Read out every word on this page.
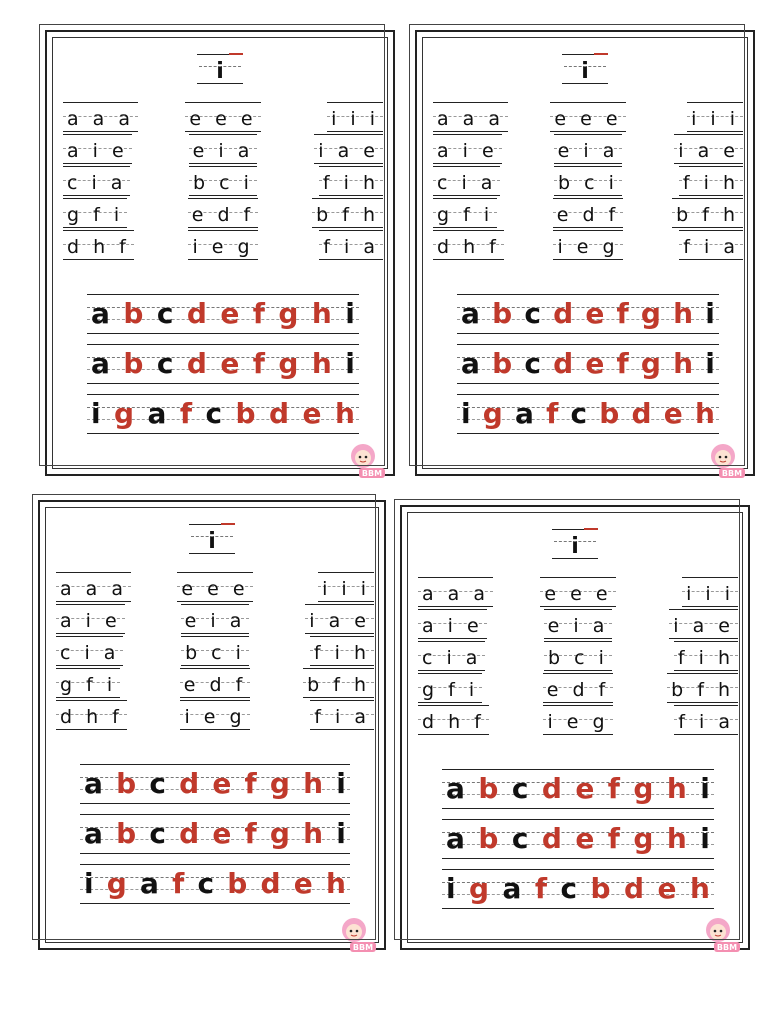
i
a a a	e e e	i i i
a i e	e i a	i a e
c i a	b c i	f i h
g f i	e d f	b f h
d h f	i e g	f i a
a b c d e f g h i
a b c d e f g h i
i g a f c b d e h
BBM
i
a a a	e e e	i i i
a i e	e i a	i a e
c i a	b c i	f i h
g f i	e d f	b f h
d h f	i e g	f i a
a b c d e f g h i
a b c d e f g h i
i g a f c b d e h
BBM
i
a a a	e e e	i i i
a i e	e i a	i a e
c i a	b c i	f i h
g f i	e d f	b f h
d h f	i e g	f i a
a b c d e f g h i
a b c d e f g h i
i g a f c b d e h
BBM
i
a a a	e e e	i i i
a i e	e i a	i a e
c i a	b c i	f i h
g f i	e d f	b f h
d h f	i e g	f i a
a b c d e f g h i
a b c d e f g h i
i g a f c b d e h
BBM
